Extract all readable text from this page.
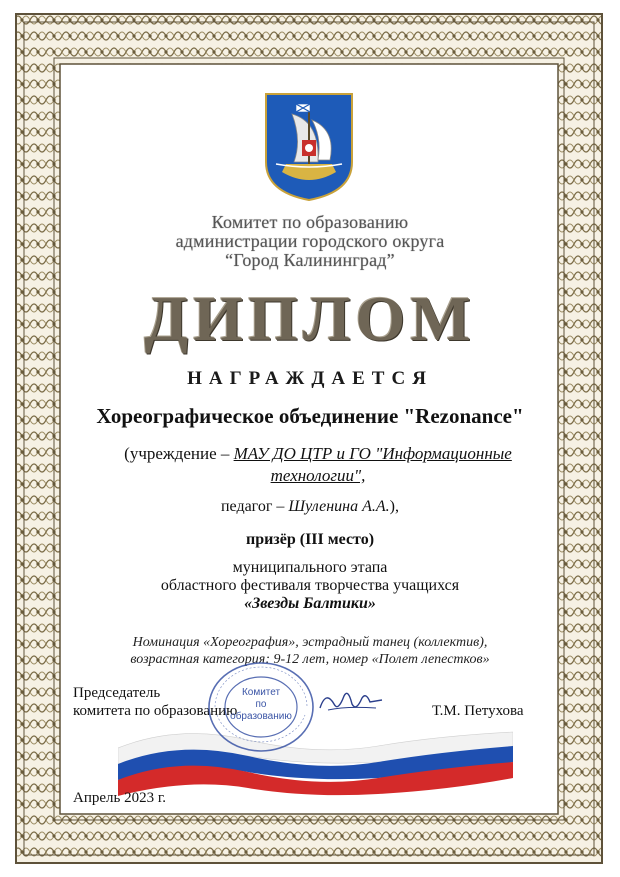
Комитет по образованию
администрации городского округа
“Город Калининград”
ДИПЛОМ
НАГРАЖДАЕТСЯ
Хореографическое объединение "Rezonance"
(учреждение – МАУ ДО ЦТР и ГО "Информационные
технологии",
педагог – Шуленина А.А.),
призёр (III место)
муниципального этапа
областного фестиваля творчества учащихся
«Звезды Балтики»
Номинация «Хореография», эстрадный танец (коллектив),
возрастная категория: 9-12 лет, номер «Полет лепестков»
Председатель
комитета по образованию
Комитет
по
образованию	Т.М. Петухова
Апрель 2023 г.
